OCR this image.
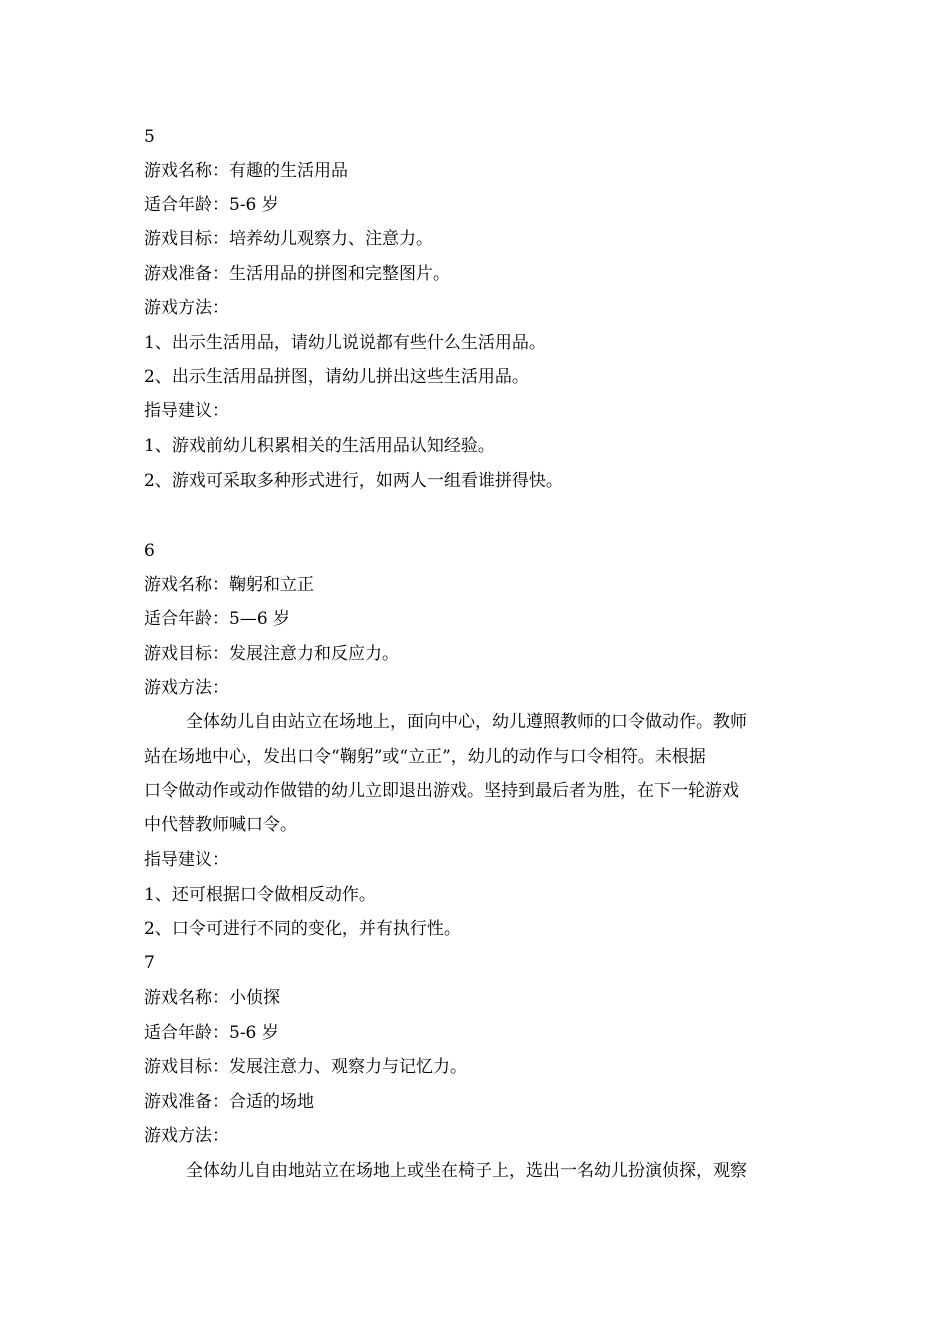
5
游戏名称：有趣的生活用品
适合年龄：5-6 岁
游戏目标：培养幼儿观察力、注意力。
游戏准备：生活用品的拼图和完整图片。
游戏方法：
1、出示生活用品，请幼儿说说都有些什么生活用品。
2、出示生活用品拼图，请幼儿拼出这些生活用品。
指导建议：
1、游戏前幼儿积累相关的生活用品认知经验。
2、游戏可采取多种形式进行，如两人一组看谁拼得快。
6
游戏名称：鞠躬和立正
适合年龄：5—6 岁
游戏目标：发展注意力和反应力。
游戏方法：
全体幼儿自由站立在场地上，面向中心，幼儿遵照教师的口令做动作。教师
站在场地中心，发出口令“鞠躬”或“立正”，幼儿的动作与口令相符。未根据
口令做动作或动作做错的幼儿立即退出游戏。坚持到最后者为胜，在下一轮游戏
中代替教师喊口令。
指导建议：
1、还可根据口令做相反动作。
2、口令可进行不同的变化，并有执行性。
7
游戏名称：小侦探
适合年龄：5-6 岁
游戏目标：发展注意力、观察力与记忆力。
游戏准备：合适的场地
游戏方法：
全体幼儿自由地站立在场地上或坐在椅子上，选出一名幼儿扮演侦探，观察
